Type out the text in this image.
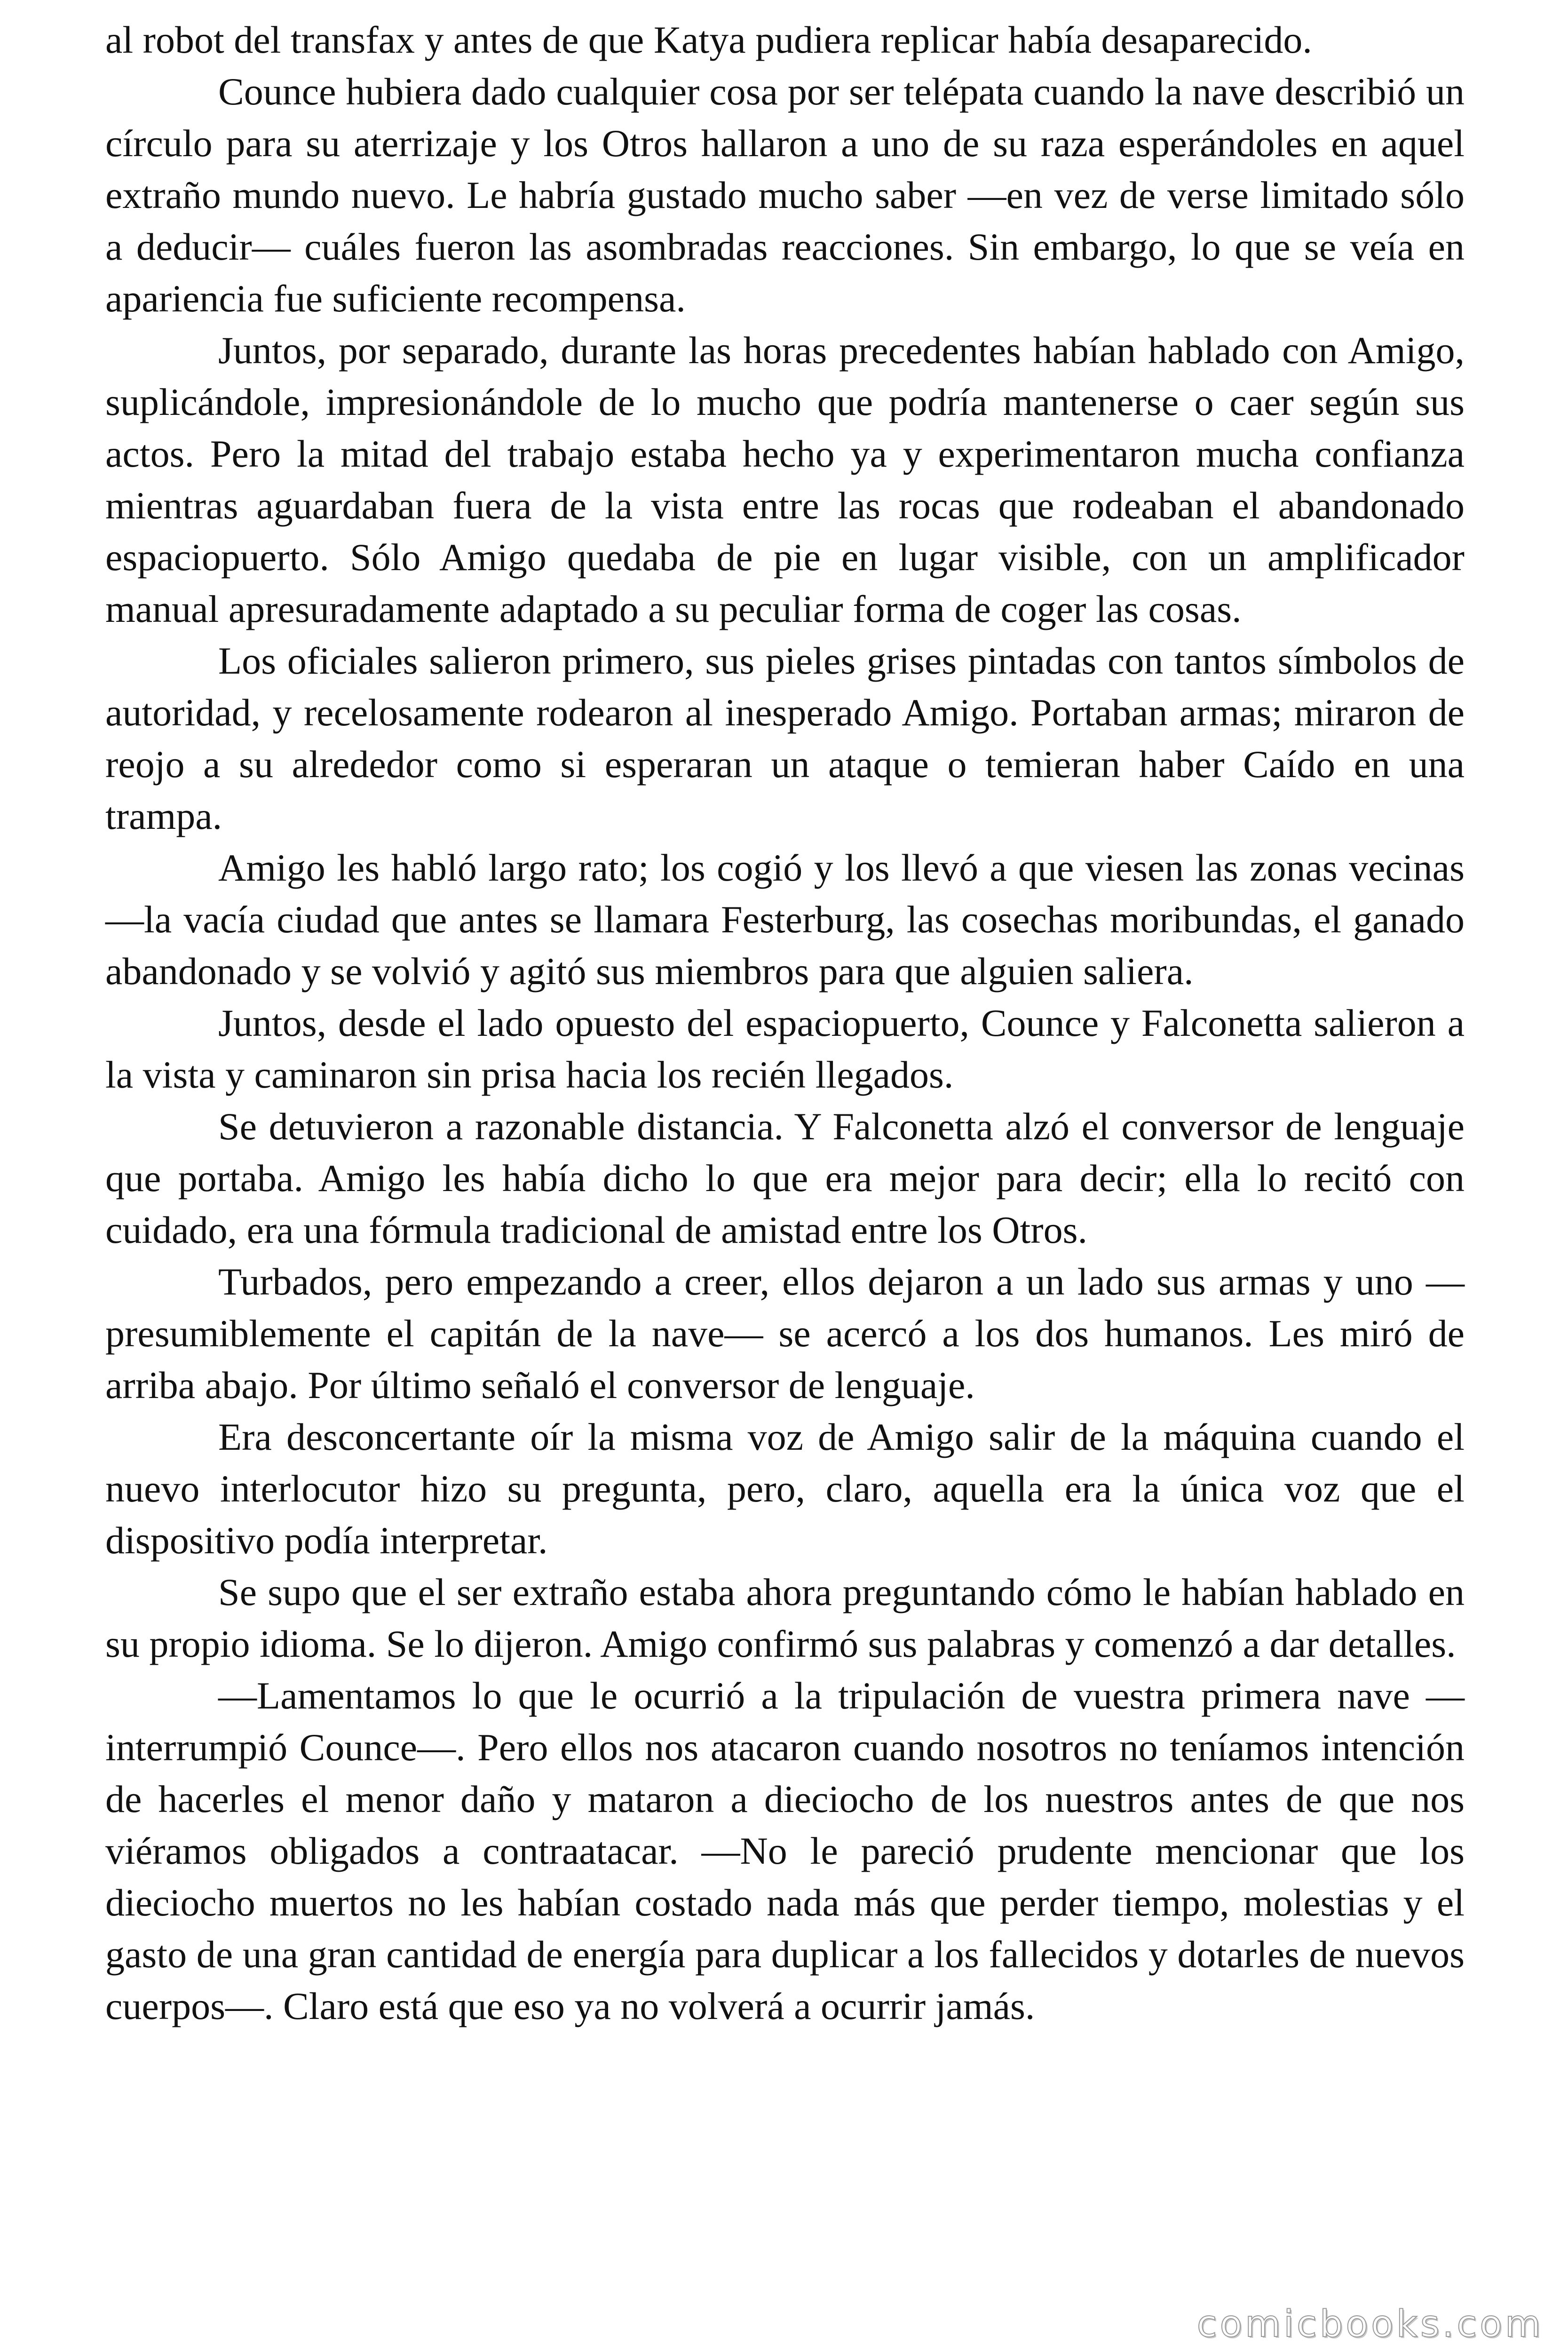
al robot del transfax y antes de que Katya pudiera replicar había desaparecido.

Counce hubiera dado cualquier cosa por ser telépata cuando la nave describió un círculo para su aterrizaje y los Otros hallaron a uno de su raza esperándoles en aquel extraño mundo nuevo. Le habría gustado mucho saber —en vez de verse limitado sólo a deducir— cuáles fueron las asombradas reacciones. Sin embargo, lo que se veía en apariencia fue suficiente recompensa.

Juntos, por separado, durante las horas precedentes habían hablado con Amigo, suplicándole, impresionándole de lo mucho que podría mantenerse o caer según sus actos. Pero la mitad del trabajo estaba hecho ya y experimentaron mucha confianza mientras aguardaban fuera de la vista entre las rocas que rodeaban el abandonado espaciopuerto. Sólo Amigo quedaba de pie en lugar visible, con un amplificador manual apresuradamente adaptado a su peculiar forma de coger las cosas.

Los oficiales salieron primero, sus pieles grises pintadas con tantos símbolos de autoridad, y recelosamente rodearon al inesperado Amigo. Portaban armas; miraron de reojo a su alrededor como si esperaran un ataque o temieran haber Caído en una trampa.

Amigo les habló largo rato; los cogió y los llevó a que viesen las zonas vecinas —la vacía ciudad que antes se llamara Festerburg, las cosechas moribundas, el ganado abandonado y se volvió y agitó sus miembros para que alguien saliera.

Juntos, desde el lado opuesto del espaciopuerto, Counce y Falconetta salieron a la vista y caminaron sin prisa hacia los recién llegados.

Se detuvieron a razonable distancia. Y Falconetta alzó el conversor de lenguaje que portaba. Amigo les había dicho lo que era mejor para decir; ella lo recitó con cuidado, era una fórmula tradicional de amistad entre los Otros.

Turbados, pero empezando a creer, ellos dejaron a un lado sus armas y uno —presumiblemente el capitán de la nave— se acercó a los dos humanos. Les miró de arriba abajo. Por último señaló el conversor de lenguaje.

Era desconcertante oír la misma voz de Amigo salir de la máquina cuando el nuevo interlocutor hizo su pregunta, pero, claro, aquella era la única voz que el dispositivo podía interpretar.

Se supo que el ser extraño estaba ahora preguntando cómo le habían hablado en su propio idioma. Se lo dijeron. Amigo confirmó sus palabras y comenzó a dar detalles.

—Lamentamos lo que le ocurrió a la tripulación de vuestra primera nave —interrumpió Counce—. Pero ellos nos atacaron cuando nosotros no teníamos intención de hacerles el menor daño y mataron a dieciocho de los nuestros antes de que nos viéramos obligados a contraatacar. —No le pareció prudente mencionar que los dieciocho muertos no les habían costado nada más que perder tiempo, molestias y el gasto de una gran cantidad de energía para duplicar a los fallecidos y dotarles de nuevos cuerpos—. Claro está que eso ya no volverá a ocurrir jamás.

comicbooks.com
